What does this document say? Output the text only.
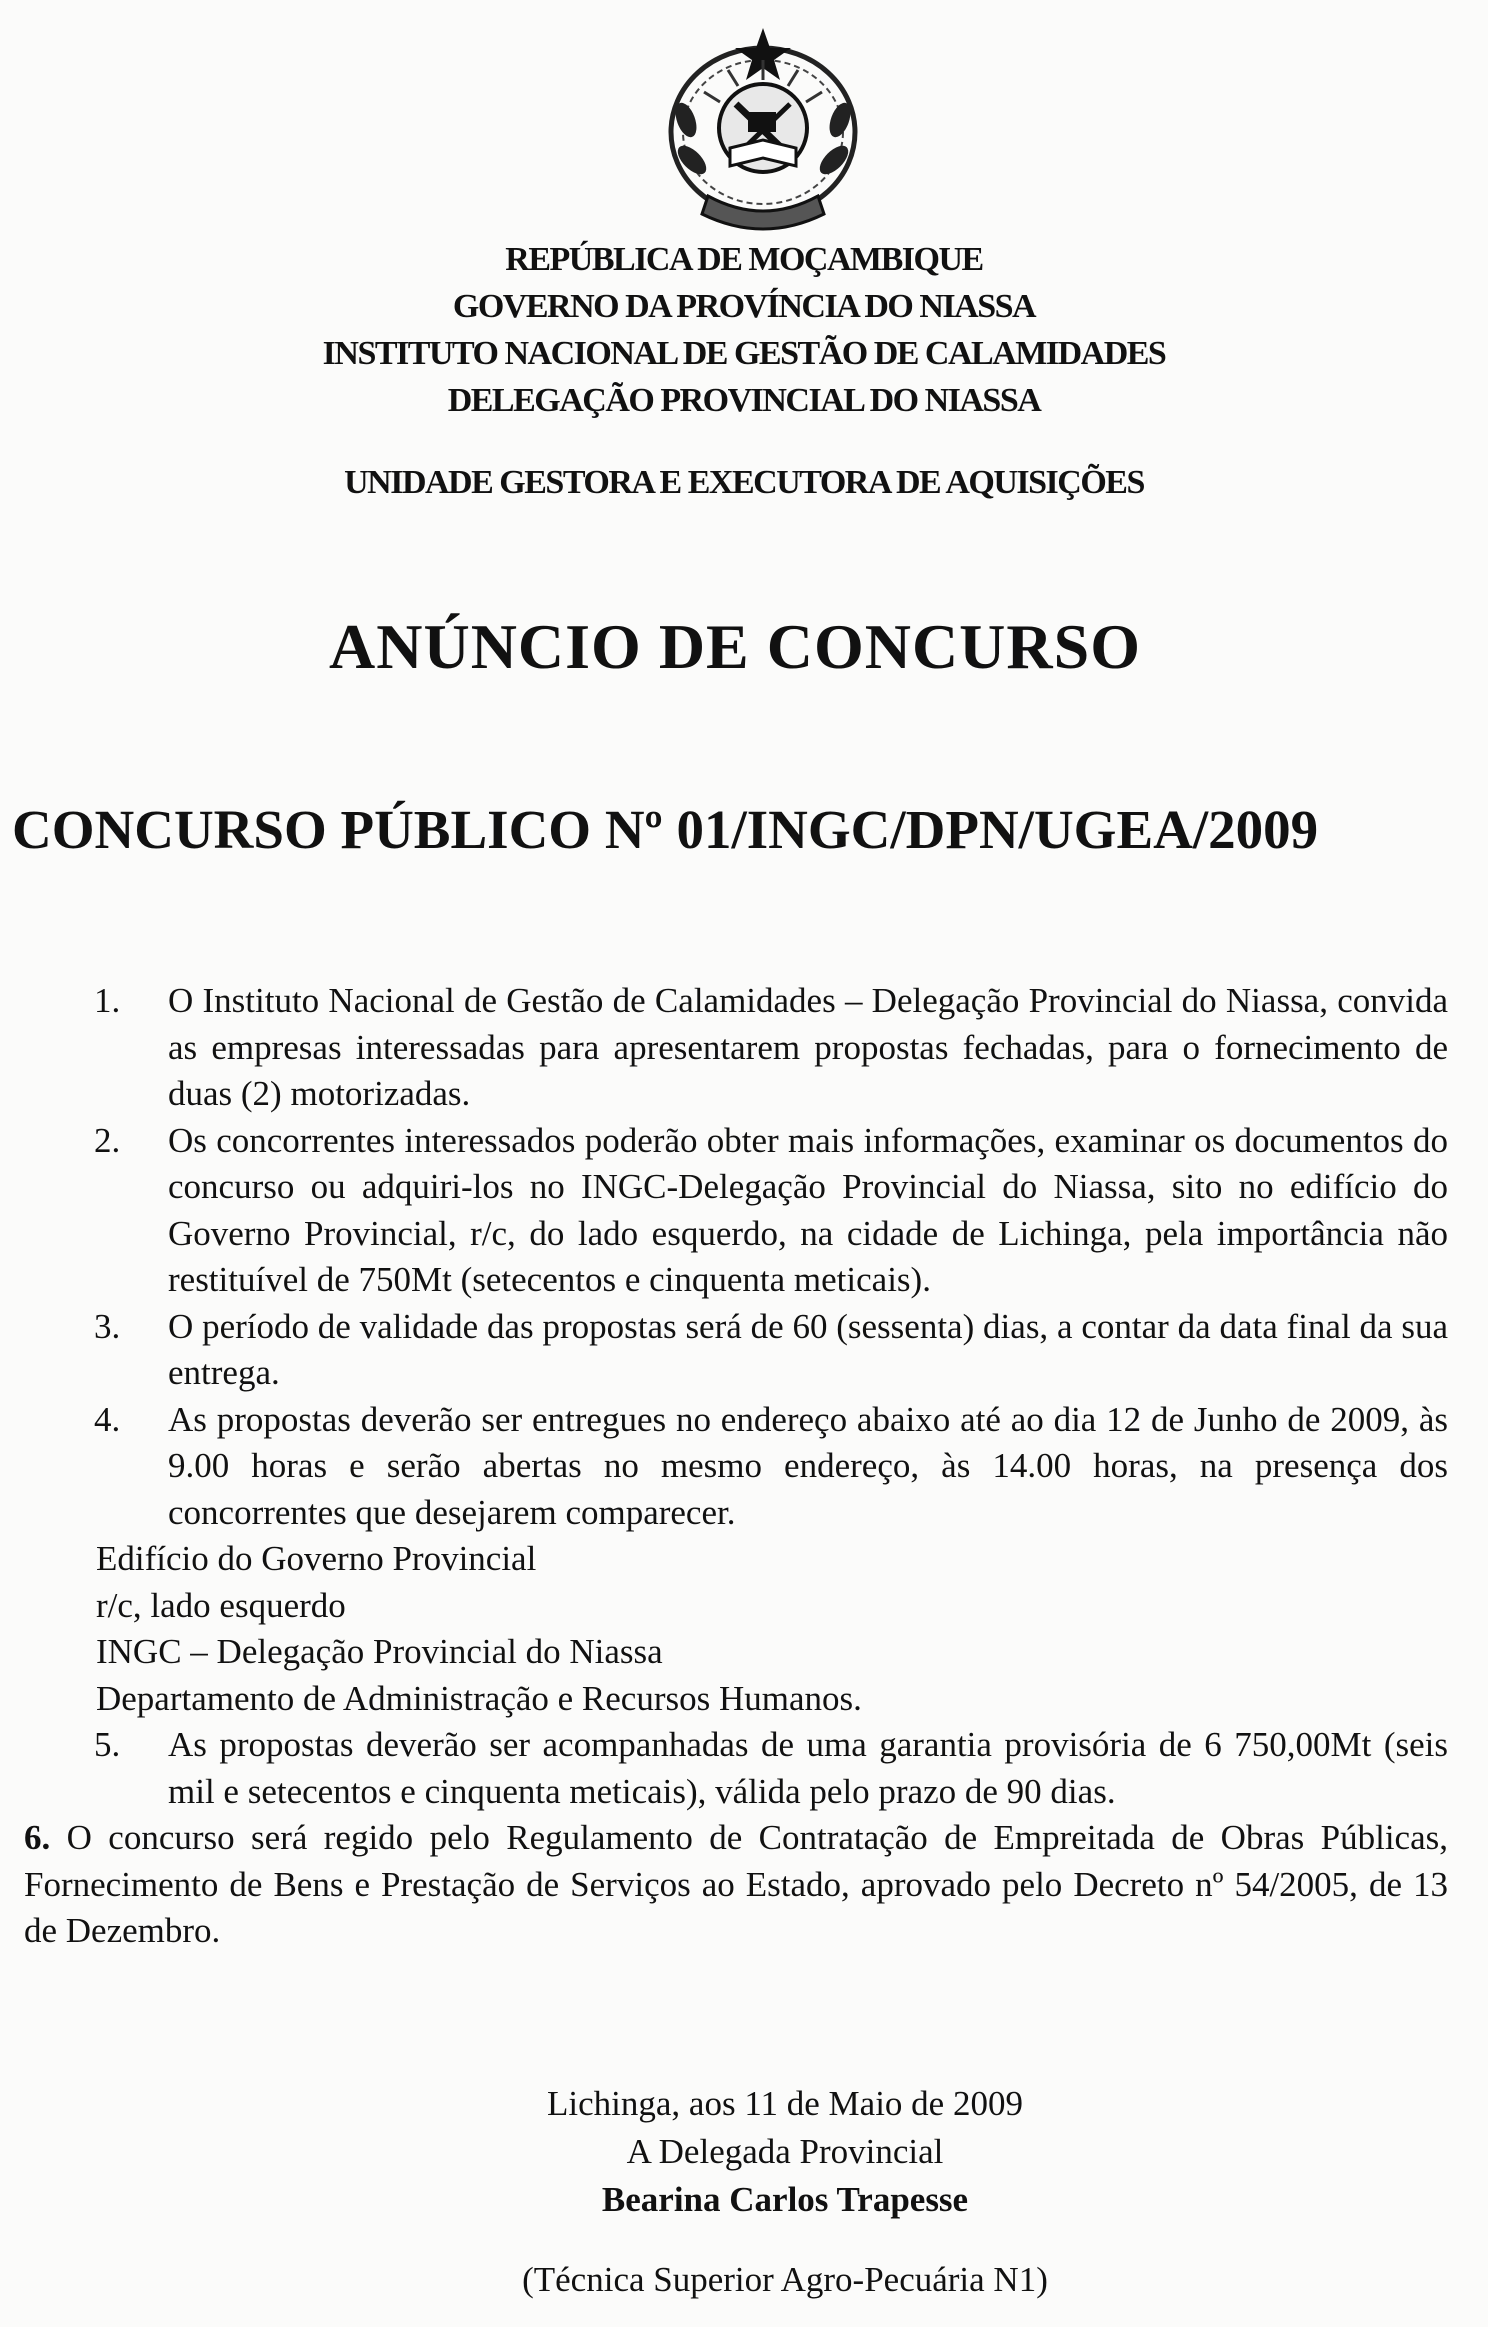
REPÚBLICA DE MOÇAMBIQUE
GOVERNO DA PROVÍNCIA DO NIASSA
INSTITUTO NACIONAL DE GESTÃO DE CALAMIDADES
DELEGAÇÃO PROVINCIAL DO NIASSA
UNIDADE GESTORA E EXECUTORA DE AQUISIÇÕES
ANÚNCIO DE CONCURSO
CONCURSO PÚBLICO Nº 01/INGC/DPN/UGEA/2009
1. O Instituto Nacional de Gestão de Calamidades – Delegação Provincial do Niassa, convida as empresas interessadas para apresentarem propostas fechadas, para o fornecimento de duas (2) motorizadas.
2. Os concorrentes interessados poderão obter mais informações, examinar os documentos do concurso ou adquiri-los no INGC-Delegação Provincial do Niassa, sito no edifício do Governo Provincial, r/c, do lado esquerdo, na cidade de Lichinga, pela importância não restituível de 750Mt (setecentos e cinquenta meticais).
3. O período de validade das propostas será de 60 (sessenta) dias, a contar da data final da sua entrega.
4. As propostas deverão ser entregues no endereço abaixo até ao dia 12 de Junho de 2009, às 9.00 horas e serão abertas no mesmo endereço, às 14.00 horas, na presença dos concorrentes que desejarem comparecer.
Edifício do Governo Provincial
r/c, lado esquerdo
INGC – Delegação Provincial do Niassa
Departamento de Administração e Recursos Humanos.
5. As propostas deverão ser acompanhadas de uma garantia provisória de 6 750,00Mt (seis mil e setecentos e cinquenta meticais), válida pelo prazo de 90 dias.
6. O concurso será regido pelo Regulamento de Contratação de Empreitada de Obras Públicas, Fornecimento de Bens e Prestação de Serviços ao Estado, aprovado pelo Decreto nº 54/2005, de 13 de Dezembro.
Lichinga, aos 11 de Maio de 2009
A Delegada Provincial
Bearina Carlos Trapesse
(Técnica Superior Agro-Pecuária N1)
